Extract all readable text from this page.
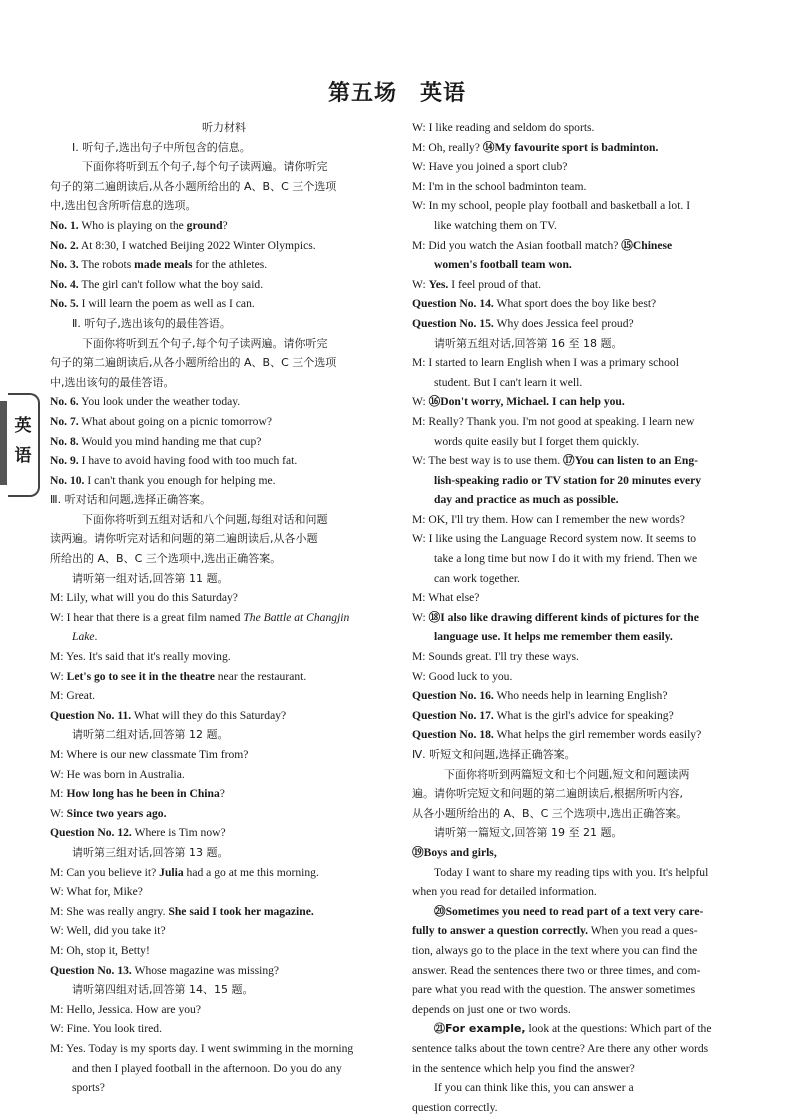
第五场　英语
英语
听力材料
Ⅰ. 听句子,选出句子中所包含的信息。
下面你将听到五个句子,每个句子读两遍。请你听完
句子的第二遍朗读后,从各小题所给出的 A、B、C 三个选项
中,选出包含所听信息的选项。
No. 1. Who is playing on the ground?
No. 2. At 8:30, I watched Beijing 2022 Winter Olympics.
No. 3. The robots made meals for the athletes.
No. 4. The girl can't follow what the boy said.
No. 5. I will learn the poem as well as I can.
Ⅱ. 听句子,选出该句的最佳答语。
下面你将听到五个句子,每个句子读两遍。请你听完
句子的第二遍朗读后,从各小题所给出的 A、B、C 三个选项
中,选出该句的最佳答语。
No. 6. You look under the weather today.
No. 7. What about going on a picnic tomorrow?
No. 8. Would you mind handing me that cup?
No. 9. I have to avoid having food with too much fat.
No. 10. I can't thank you enough for helping me.
Ⅲ. 听对话和问题,选择正确答案。
下面你将听到五组对话和八个问题,每组对话和问题
读两遍。请你听完对话和问题的第二遍朗读后,从各小题
所给出的 A、B、C 三个选项中,选出正确答案。
请听第一组对话,回答第 11 题。
M: Lily, what will you do this Saturday?
W: I hear that there is a great film named The Battle at Changjin
Lake.
M: Yes. It's said that it's really moving.
W: Let's go to see it in the theatre near the restaurant.
M: Great.
Question No. 11. What will they do this Saturday?
请听第二组对话,回答第 12 题。
M: Where is our new classmate Tim from?
W: He was born in Australia.
M: How long has he been in China?
W: Since two years ago.
Question No. 12. Where is Tim now?
请听第三组对话,回答第 13 题。
M: Can you believe it? Julia had a go at me this morning.
W: What for, Mike?
M: She was really angry. She said I took her magazine.
W: Well, did you take it?
M: Oh, stop it, Betty!
Question No. 13. Whose magazine was missing?
请听第四组对话,回答第 14、15 题。
M: Hello, Jessica. How are you?
W: Fine. You look tired.
M: Yes. Today is my sports day. I went swimming in the morning
and then I played football in the afternoon. Do you do any
sports?
W: I like reading and seldom do sports.
M: Oh, really? ⑭My favourite sport is badminton.
W: Have you joined a sport club?
M: I'm in the school badminton team.
W: In my school, people play football and basketball a lot. I
like watching them on TV.
M: Did you watch the Asian football match? ⑮Chinese
women's football team won.
W: Yes. I feel proud of that.
Question No. 14. What sport does the boy like best?
Question No. 15. Why does Jessica feel proud?
请听第五组对话,回答第 16 至 18 题。
M: I started to learn English when I was a primary school
student. But I can't learn it well.
W: ⑯Don't worry, Michael. I can help you.
M: Really? Thank you. I'm not good at speaking. I learn new
words quite easily but I forget them quickly.
W: The best way is to use them. ⑰You can listen to an Eng-
lish-speaking radio or TV station for 20 minutes every
day and practice as much as possible.
M: OK, I'll try them. How can I remember the new words?
W: I like using the Language Record system now. It seems to
take a long time but now I do it with my friend. Then we
can work together.
M: What else?
W: ⑱I also like drawing different kinds of pictures for the
language use. It helps me remember them easily.
M: Sounds great. I'll try these ways.
W: Good luck to you.
Question No. 16. Who needs help in learning English?
Question No. 17. What is the girl's advice for speaking?
Question No. 18. What helps the girl remember words easily?
Ⅳ. 听短文和问题,选择正确答案。
下面你将听到两篇短文和七个问题,短文和问题读两
遍。请你听完短文和问题的第二遍朗读后,根据所听内容,
从各小题所给出的 A、B、C 三个选项中,选出正确答案。
请听第一篇短文,回答第 19 至 21 题。
⑲Boys and girls,
Today I want to share my reading tips with you. It's helpful
when you read for detailed information.
⑳Sometimes you need to read part of a text very care-
fully to answer a question correctly. When you read a ques-
tion, always go to the place in the text where you can find the
answer. Read the sentences there two or three times, and com-
pare what you read with the question. The answer sometimes
depends on just one or two words.
㉑For example, look at the questions: Which part of the
sentence talks about the town centre? Are there any other words
in the sentence which help you find the answer?
If you can think like this, you can answer a
question correctly.
